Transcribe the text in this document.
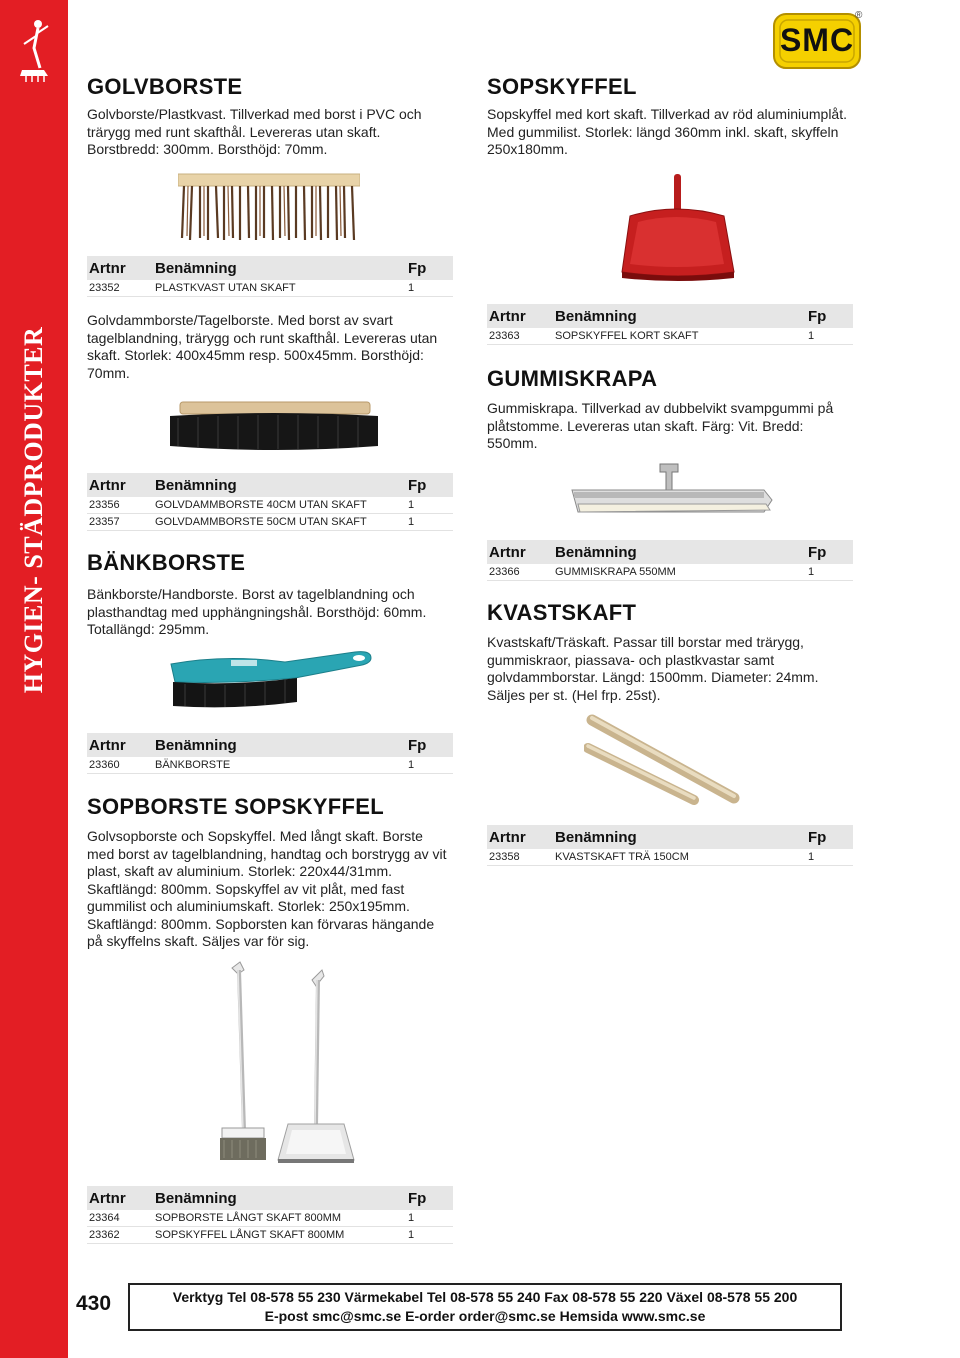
HYGIEN- STÄDPRODUKTER
SMC
®
GOLVBORSTE
Golvborste/Plastkvast. Tillverkad med borst i PVC och
trärygg med runt skafthål. Levereras utan skaft.
Borstbredd: 300mm. Borsthöjd: 70mm.
Artnr	Benämning	Fp
23352	PLASTKVAST UTAN SKAFT	1
Golvdammborste/Tagelborste. Med borst av svart
tagelblandning, trärygg och runt skafthål. Levereras utan
skaft. Storlek: 400x45mm resp. 500x45mm. Borsthöjd:
70mm.
Artnr	Benämning	Fp
23356	GOLVDAMMBORSTE 40CM UTAN SKAFT	1
23357	GOLVDAMMBORSTE 50CM UTAN SKAFT	1
BÄNKBORSTE
Bänkborste/Handborste. Borst av tagelblandning och
plasthandtag med upphängningshål. Borsthöjd: 60mm.
Totallängd: 295mm.
Artnr	Benämning	Fp
23360	BÄNKBORSTE	1
SOPBORSTE SOPSKYFFEL
Golvsopborste och Sopskyffel. Med långt skaft. Borste
med borst av tagelblandning, handtag och borstrygg av vit
plast, skaft av aluminium. Storlek: 220x44/31mm.
Skaftlängd: 800mm. Sopskyffel av vit plåt, med fast
gummilist och aluminiumskaft. Storlek: 250x195mm.
Skaftlängd: 800mm. Sopborsten kan förvaras hängande
på skyffelns skaft. Säljes var för sig.
Artnr	Benämning	Fp
23364	SOPBORSTE LÅNGT SKAFT 800MM	1
23362	SOPSKYFFEL LÅNGT SKAFT 800MM	1
SOPSKYFFEL
Sopskyffel med kort skaft. Tillverkad av röd aluminiumplåt.
Med gummilist. Storlek: längd 360mm inkl. skaft, skyffeln
250x180mm.
Artnr	Benämning	Fp
23363	SOPSKYFFEL KORT SKAFT	1
GUMMISKRAPA
Gummiskrapa. Tillverkad av dubbelvikt svampgummi på
plåtstomme. Levereras utan skaft. Färg: Vit. Bredd:
550mm.
Artnr	Benämning	Fp
23366	GUMMISKRAPA 550MM	1
KVASTSKAFT
Kvastskaft/Träskaft. Passar till borstar med trärygg,
gummiskraor, piassava- och plastkvastar samt
golvdammborstar. Längd: 1500mm. Diameter: 24mm.
Säljes per st. (Hel frp. 25st).
Artnr	Benämning	Fp
23358	KVASTSKAFT TRÄ 150CM	1
430	Verktyg Tel 08-578 55 230 Värmekabel Tel 08-578 55 240 Fax 08-578 55 220 Växel 08-578 55 200
E-post smc@smc.se E-order order@smc.se Hemsida www.smc.se
